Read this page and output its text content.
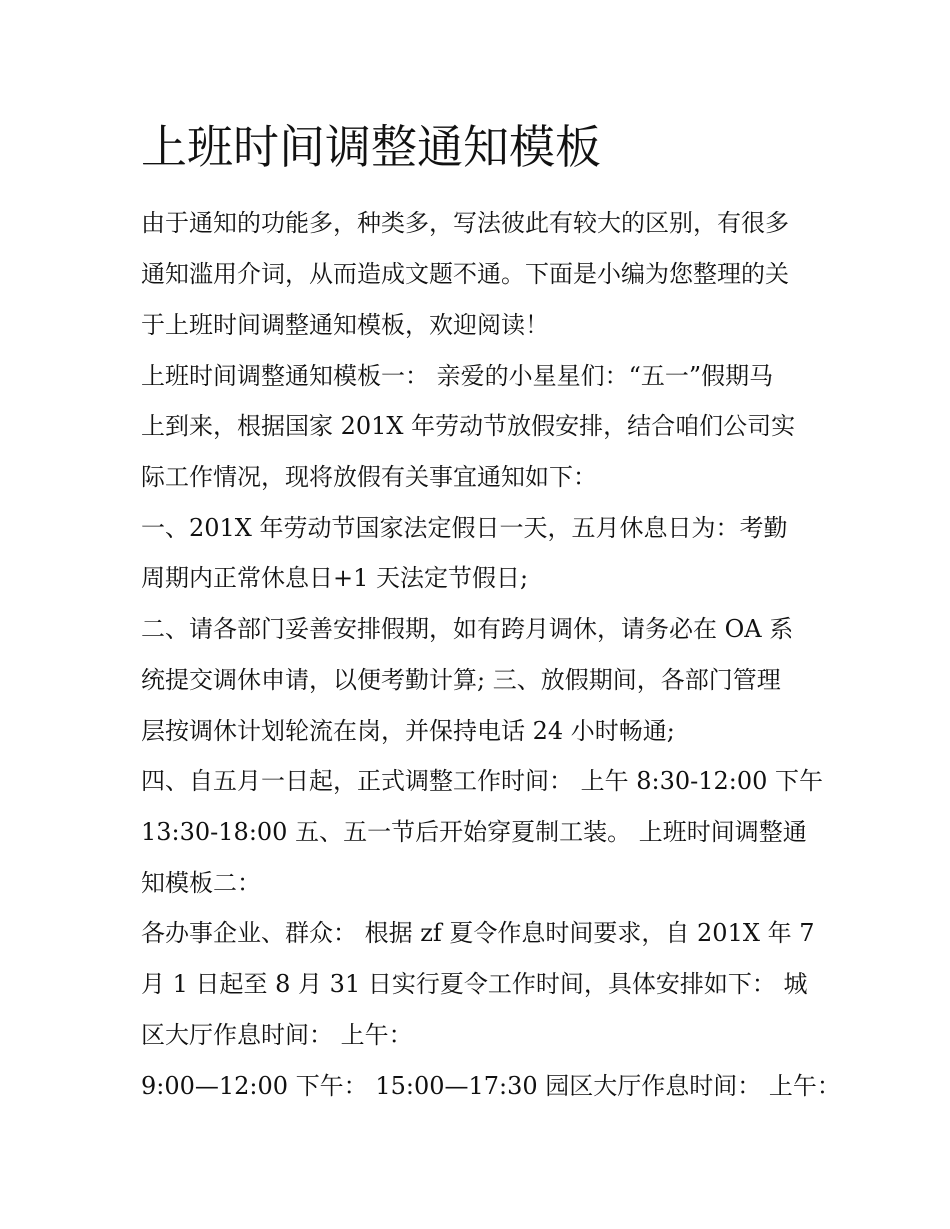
上班时间调整通知模板

由于通知的功能多，种类多，写法彼此有较大的区别，有很多

通知滥用介词，从而造成文题不通。下面是小编为您整理的关

于上班时间调整通知模板，欢迎阅读！

上班时间调整通知模板一： 亲爱的小星星们：“五一”假期马

上到来，根据国家 201X 年劳动节放假安排，结合咱们公司实

际工作情况，现将放假有关事宜通知如下：

一、201X 年劳动节国家法定假日一天，五月休息日为：考勤

周期内正常休息日+1 天法定节假日;

二、请各部门妥善安排假期，如有跨月调休，请务必在 OA 系

统提交调休申请，以便考勤计算; 三、放假期间，各部门管理

层按调休计划轮流在岗，并保持电话 24 小时畅通;

四、自五月一日起，正式调整工作时间： 上午 8:30-12:00 下午

13:30-18:00 五、五一节后开始穿夏制工装。 上班时间调整通

知模板二：

各办事企业、群众： 根据 zf 夏令作息时间要求，自 201X 年 7

月 1 日起至 8 月 31 日实行夏令工作时间，具体安排如下： 城

区大厅作息时间： 上午：

9:00—12:00 下午： 15:00—17:30 园区大厅作息时间： 上午：
